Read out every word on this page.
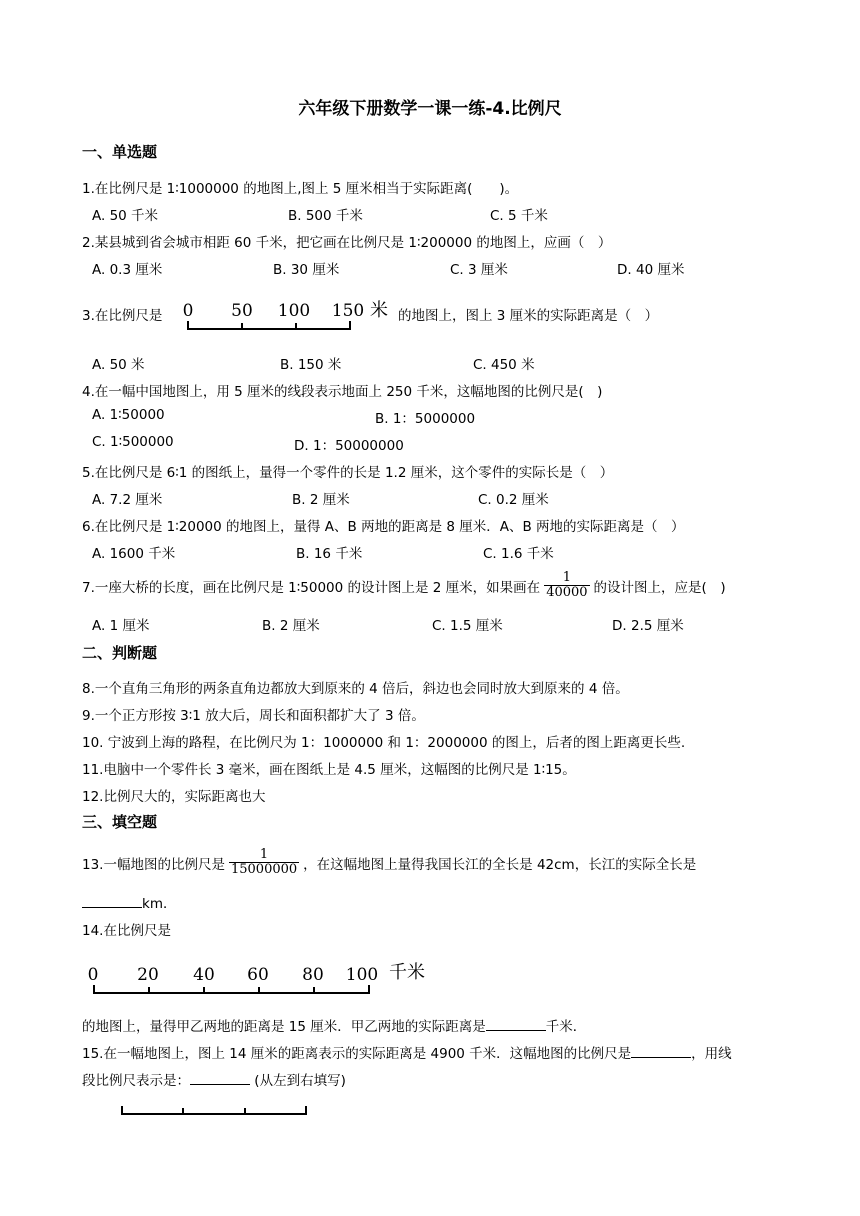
六年级下册数学一课一练-4.比例尺
一、单选题
1.在比例尺是 1∶1000000 的地图上,图上 5 厘米相当于实际距离(　　)。
A. 50 千米	B. 500 千米	C. 5 千米
2.某县城到省会城市相距 60 千米，把它画在比例尺是 1∶200000 的地图上，应画（　）
A. 0.3 厘米	B. 30 厘米	C. 3 厘米	D. 40 厘米
3.在比例尺是 0 50 100 150 米 的地图上，图上 3 厘米的实际距离是（　）
A. 50 米	B. 150 米	C. 450 米
4.在一幅中国地图上，用 5 厘米的线段表示地面上 250 千米，这幅地图的比例尺是(　)
A. 1∶50000	B. 1：5000000
C. 1∶500000	D. 1：50000000
5.在比例尺是 6∶1 的图纸上，量得一个零件的长是 1.2 厘米，这个零件的实际长是（　）
A. 7.2 厘米	B. 2 厘米	C. 0.2 厘米
6.在比例尺是 1∶20000 的地图上，量得 A、B 两地的距离是 8 厘米．A、B 两地的实际距离是（　）
A. 1600 千米	B. 16 千米	C. 1.6 千米
7.一座大桥的长度，画在比例尺是 1∶50000 的设计图上是 2 厘米，如果画在 $\frac{1}{40000}$ 的设计图上，应是(　)
A. 1 厘米	B. 2 厘米	C. 1.5 厘米	D. 2.5 厘米
二、判断题
8.一个直角三角形的两条直角边都放大到原来的 4 倍后，斜边也会同时放大到原来的 4 倍。
9.一个正方形按 3∶1 放大后，周长和面积都扩大了 3 倍。
10. 宁波到上海的路程，在比例尺为 1：1000000 和 1：2000000 的图上，后者的图上距离更长些.
11.电脑中一个零件长 3 毫米，画在图纸上是 4.5 厘米，这幅图的比例尺是 1∶15。
12.比例尺大的，实际距离也大
三、填空题
13.一幅地图的比例尺是 $\frac{1}{15000000}$ ，在这幅地图上量得我国长江的全长是 42cm，长江的实际全长是
km．
14.在比例尺是
0 20 40 60 80 100 千米
的地图上，量得甲乙两地的距离是 15 厘米．甲乙两地的实际距离是	千米．
15.在一幅地图上，图上 14 厘米的距离表示的实际距离是 4900 千米．这幅地图的比例尺是	，用线
段比例尺表示是：	(从左到右填写)
